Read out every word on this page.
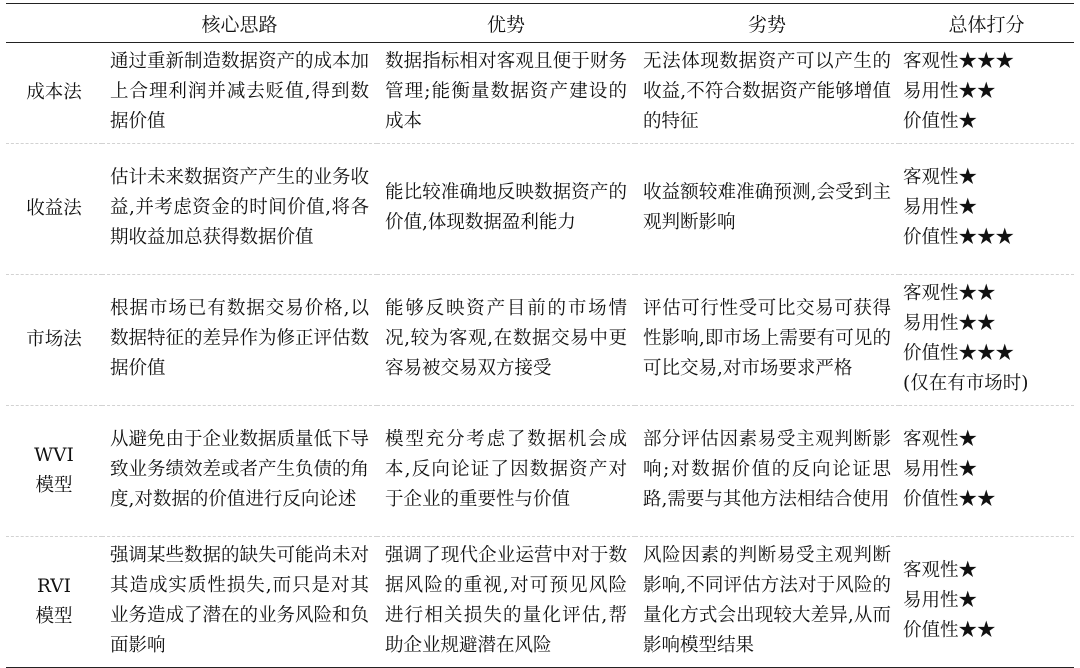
	核心思路	优势	劣势	总体打分

成本法	通过重新制造数据资产的成本加上合理利润并减去贬值,得到数据价值	数据指标相对客观且便于财务管理;能衡量数据资产建设的成本	无法体现数据资产可以产生的收益,不符合数据资产能够增值的特征	客观性★★★
易用性★★
价值性★

收益法	估计未来数据资产产生的业务收益,并考虑资金的时间价值,将各期收益加总获得数据价值	能比较准确地反映数据资产的价值,体现数据盈利能力	收益额较难准确预测,会受到主观判断影响	客观性★
易用性★
价值性★★★

市场法	根据市场已有数据交易价格,以数据特征的差异作为修正评估数据价值	能够反映资产目前的市场情况,较为客观,在数据交易中更容易被交易双方接受	评估可行性受可比交易可获得性影响,即市场上需要有可见的可比交易,对市场要求严格	客观性★★
易用性★★
价值性★★★
(仅在有市场时)

WVI
模型	从避免由于企业数据质量低下导致业务绩效差或者产生负债的角度,对数据的价值进行反向论述	模型充分考虑了数据机会成本,反向论证了因数据资产对于企业的重要性与价值	部分评估因素易受主观判断影响;对数据价值的反向论证思路,需要与其他方法相结合使用	客观性★
易用性★
价值性★★

RVI
模型	强调某些数据的缺失可能尚未对其造成实质性损失,而只是对其业务造成了潜在的业务风险和负面影响	强调了现代企业运营中对于数据风险的重视,对可预见风险进行相关损失的量化评估,帮助企业规避潜在风险	风险因素的判断易受主观判断影响,不同评估方法对于风险的量化方式会出现较大差异,从而影响模型结果	客观性★
易用性★
价值性★★
